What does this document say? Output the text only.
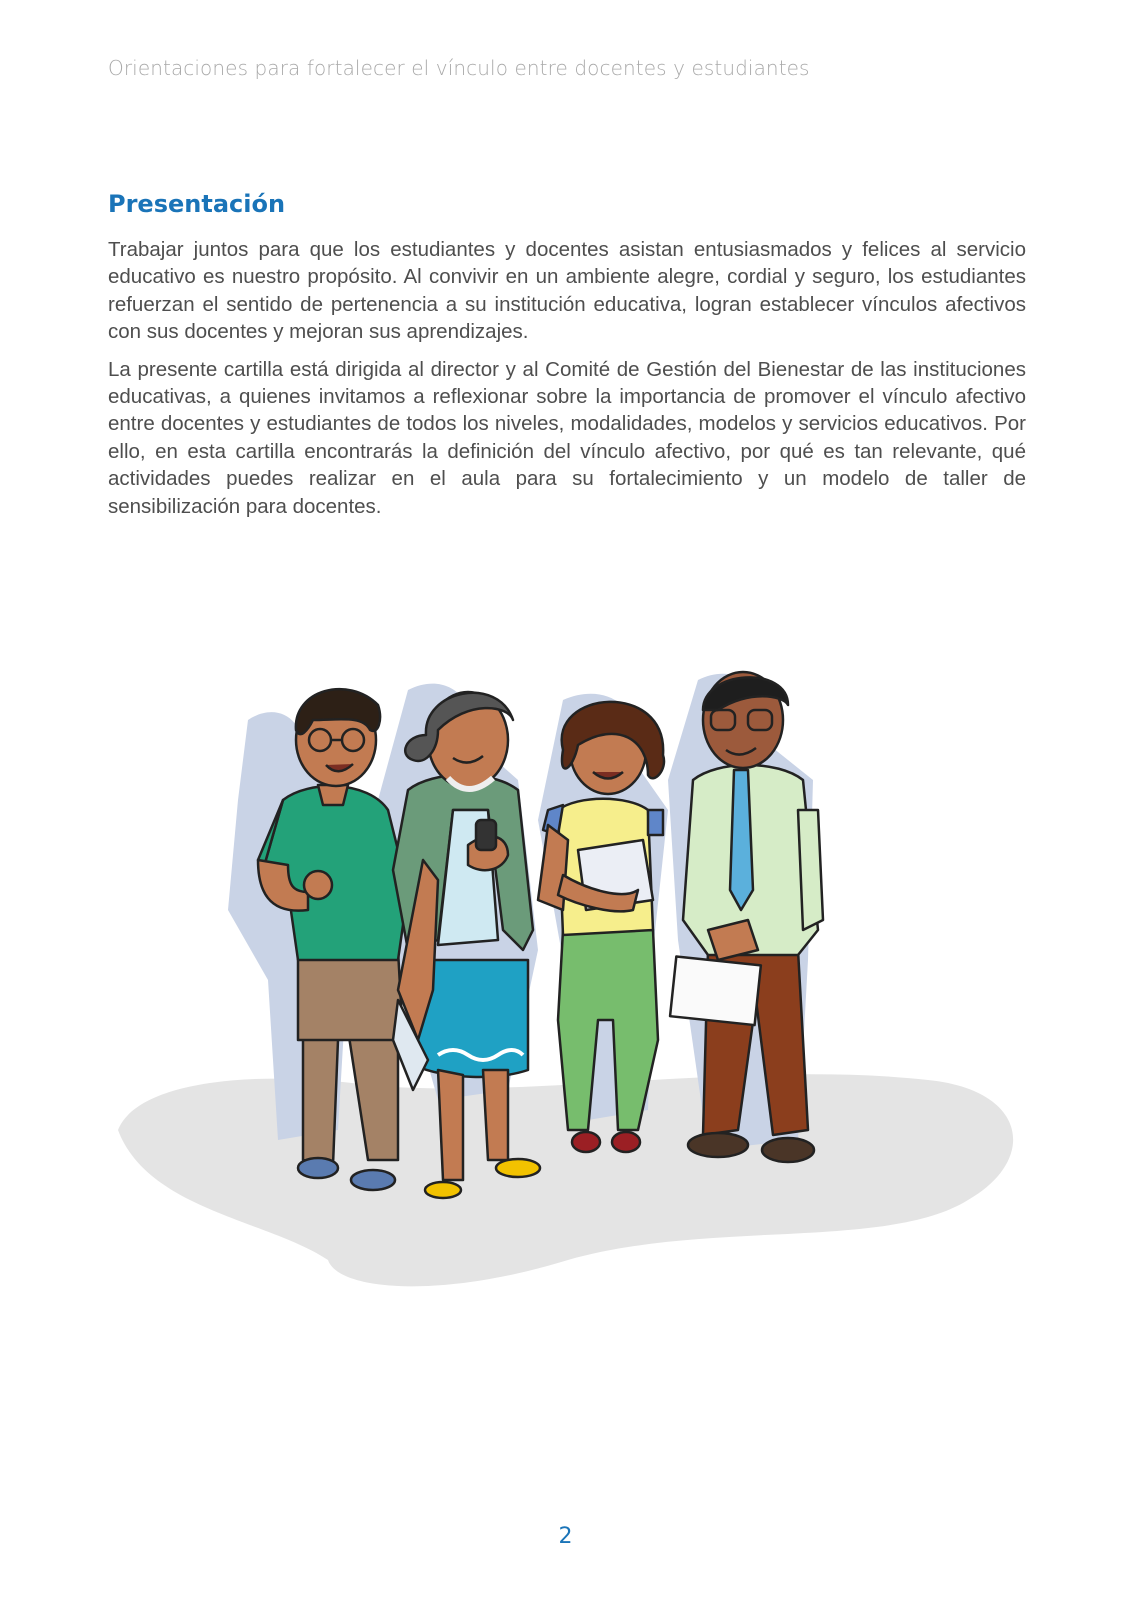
Orientaciones para fortalecer el vínculo entre docentes y estudiantes
Presentación

Trabajar juntos para que los estudiantes y docentes asistan entusiasmados y felices al servicio educativo es nuestro propósito. Al convivir en un ambiente alegre, cordial y seguro, los estudiantes refuerzan el sentido de pertenencia a su institución educativa, logran establecer vínculos afectivos con sus docentes y mejoran sus aprendizajes.

La presente cartilla está dirigida al director y al Comité de Gestión del Bienestar de las instituciones educativas, a quienes invitamos a reflexionar sobre la importancia de promover el vínculo afectivo entre docentes y estudiantes de todos los niveles, modalidades, modelos y servicios educativos. Por ello, en esta cartilla encontrarás la definición del vínculo afectivo, por qué es tan relevante, qué actividades puedes realizar en el aula para su fortalecimiento y un modelo de taller de sensibilización para docentes.

2
